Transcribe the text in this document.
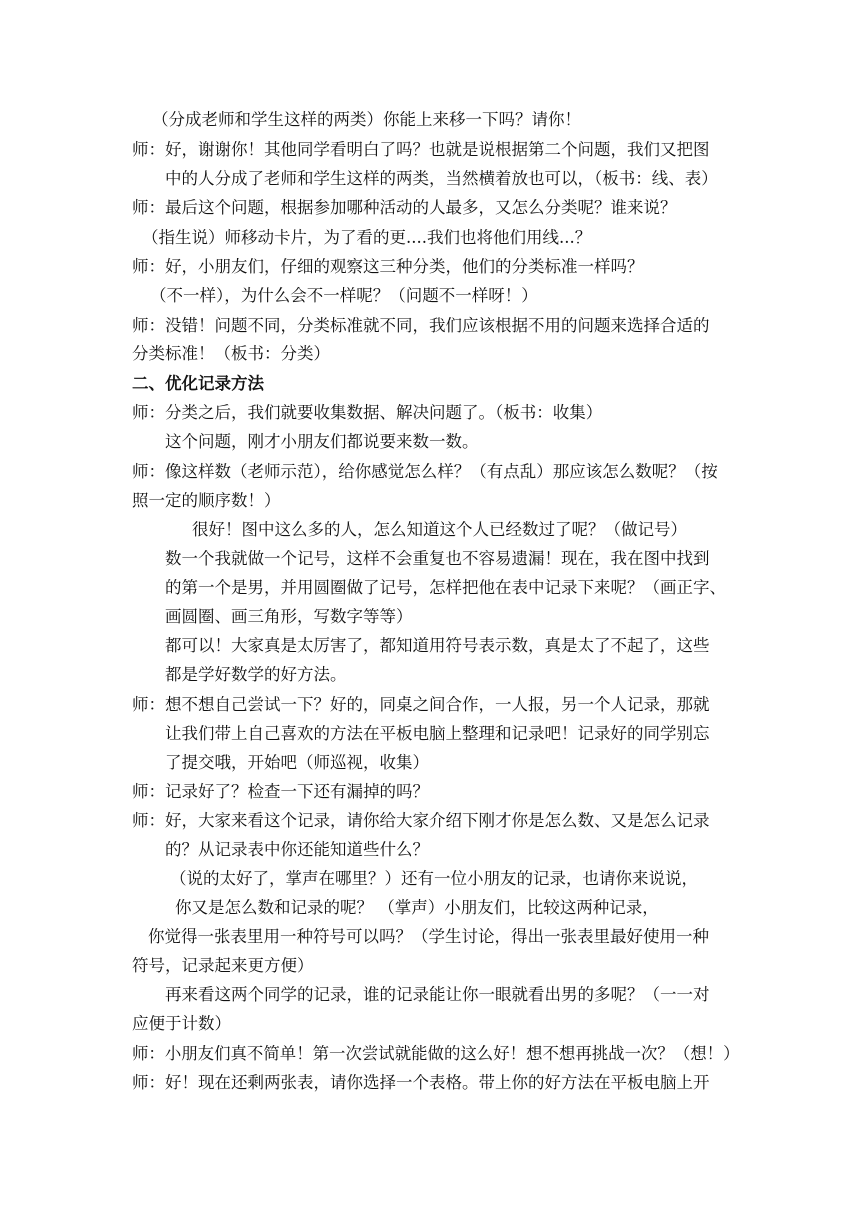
（分成老师和学生这样的两类）你能上来移一下吗？请你！
师：好，谢谢你！其他同学看明白了吗？也就是说根据第二个问题，我们又把图
中的人分成了老师和学生这样的两类，当然横着放也可以，（板书：线、表）
师：最后这个问题，根据参加哪种活动的人最多，又怎么分类呢？谁来说？
（指生说）师移动卡片，为了看的更....我们也将他们用线...？
师：好，小朋友们，仔细的观察这三种分类，他们的分类标准一样吗？
（不一样），为什么会不一样呢？（问题不一样呀！）
师：没错！问题不同，分类标准就不同，我们应该根据不用的问题来选择合适的
分类标准！（板书：分类）
二、优化记录方法
师：分类之后，我们就要收集数据、解决问题了。（板书：收集）
这个问题，刚才小朋友们都说要来数一数。
师：像这样数（老师示范），给你感觉怎么样？（有点乱）那应该怎么数呢？（按
照一定的顺序数！）
很好！图中这么多的人，怎么知道这个人已经数过了呢？（做记号）
数一个我就做一个记号，这样不会重复也不容易遗漏！现在，我在图中找到
的第一个是男，并用圆圈做了记号，怎样把他在表中记录下来呢？（画正字、
画圆圈、画三角形，写数字等等）
都可以！大家真是太厉害了，都知道用符号表示数，真是太了不起了，这些
都是学好数学的好方法。
师：想不想自己尝试一下？好的，同桌之间合作，一人报，另一个人记录，那就
让我们带上自己喜欢的方法在平板电脑上整理和记录吧！记录好的同学别忘
了提交哦，开始吧（师巡视，收集）
师：记录好了？检查一下还有漏掉的吗？
师：好，大家来看这个记录，请你给大家介绍下刚才你是怎么数、又是怎么记录
的？从记录表中你还能知道些什么？
（说的太好了，掌声在哪里？）还有一位小朋友的记录，也请你来说说，
你又是怎么数和记录的呢？ （掌声）小朋友们，比较这两种记录，
你觉得一张表里用一种符号可以吗？（学生讨论，得出一张表里最好使用一种
符号，记录起来更方便）
再来看这两个同学的记录，谁的记录能让你一眼就看出男的多呢？（一一对
应便于计数）
师：小朋友们真不简单！第一次尝试就能做的这么好！想不想再挑战一次？（想！）
师：好！现在还剩两张表，请你选择一个表格。带上你的好方法在平板电脑上开
